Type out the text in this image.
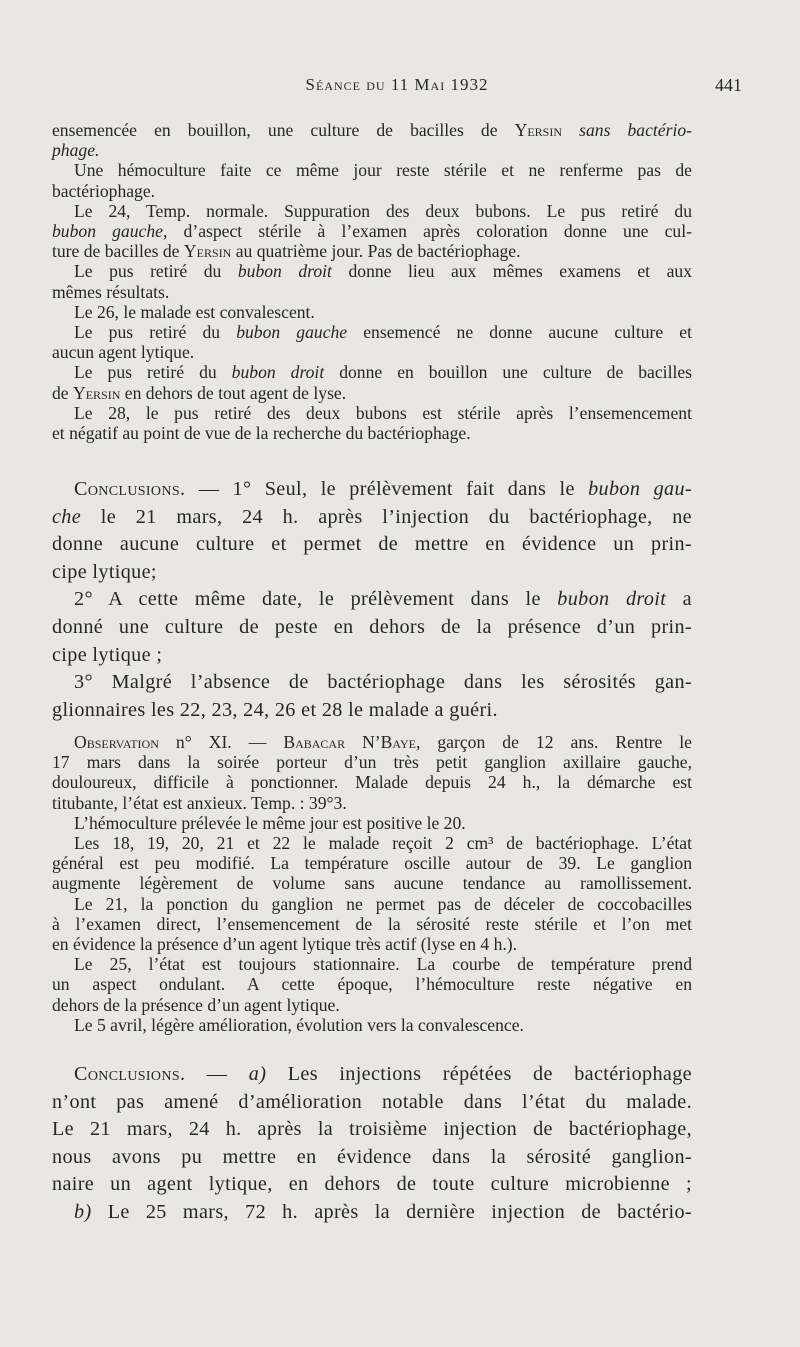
Séance du 11 Mai 1932	441
ensemencée en bouillon, une culture de bacilles de Yersin sans bactério-
phage.
Une hémoculture faite ce même jour reste stérile et ne renferme pas de
bactériophage.
Le 24, Temp. normale. Suppuration des deux bubons. Le pus retiré du
bubon gauche, d’aspect stérile à l’examen après coloration donne une cul-
ture de bacilles de Yersin au quatrième jour. Pas de bactériophage.
Le pus retiré du bubon droit donne lieu aux mêmes examens et aux
mêmes résultats.
Le 26, le malade est convalescent.
Le pus retiré du bubon gauche ensemencé ne donne aucune culture et
aucun agent lytique.
Le pus retiré du bubon droit donne en bouillon une culture de bacilles
de Yersin en dehors de tout agent de lyse.
Le 28, le pus retiré des deux bubons est stérile après l’ensemencement
et négatif au point de vue de la recherche du bactériophage.
Conclusions. — 1° Seul, le prélèvement fait dans le bubon gau-
che le 21 mars, 24 h. après l’injection du bactériophage, ne
donne aucune culture et permet de mettre en évidence un prin-
cipe lytique;
2° A cette même date, le prélèvement dans le bubon droit a
donné une culture de peste en dehors de la présence d’un prin-
cipe lytique ;
3° Malgré l’absence de bactériophage dans les sérosités gan-
glionnaires les 22, 23, 24, 26 et 28 le malade a guéri.
Observation n° XI. — Babacar N’Baye, garçon de 12 ans. Rentre le
17 mars dans la soirée porteur d’un très petit ganglion axillaire gauche,
douloureux, difficile à ponctionner. Malade depuis 24 h., la démarche est
titubante, l’état est anxieux. Temp. : 39°3.
L’hémoculture prélevée le même jour est positive le 20.
Les 18, 19, 20, 21 et 22 le malade reçoit 2 cm³ de bactériophage. L’état
général est peu modifié. La température oscille autour de 39. Le ganglion
augmente légèrement de volume sans aucune tendance au ramollissement.
Le 21, la ponction du ganglion ne permet pas de déceler de coccobacilles
à l’examen direct, l’ensemencement de la sérosité reste stérile et l’on met
en évidence la présence d’un agent lytique très actif (lyse en 4 h.).
Le 25, l’état est toujours stationnaire. La courbe de température prend
un aspect ondulant. A cette époque, l’hémoculture reste négative en
dehors de la présence d’un agent lytique.
Le 5 avril, légère amélioration, évolution vers la convalescence.
Conclusions. — a) Les injections répétées de bactériophage
n’ont pas amené d’amélioration notable dans l’état du malade.
Le 21 mars, 24 h. après la troisième injection de bactériophage,
nous avons pu mettre en évidence dans la sérosité ganglion-
naire un agent lytique, en dehors de toute culture microbienne ;
b) Le 25 mars, 72 h. après la dernière injection de bactério-
